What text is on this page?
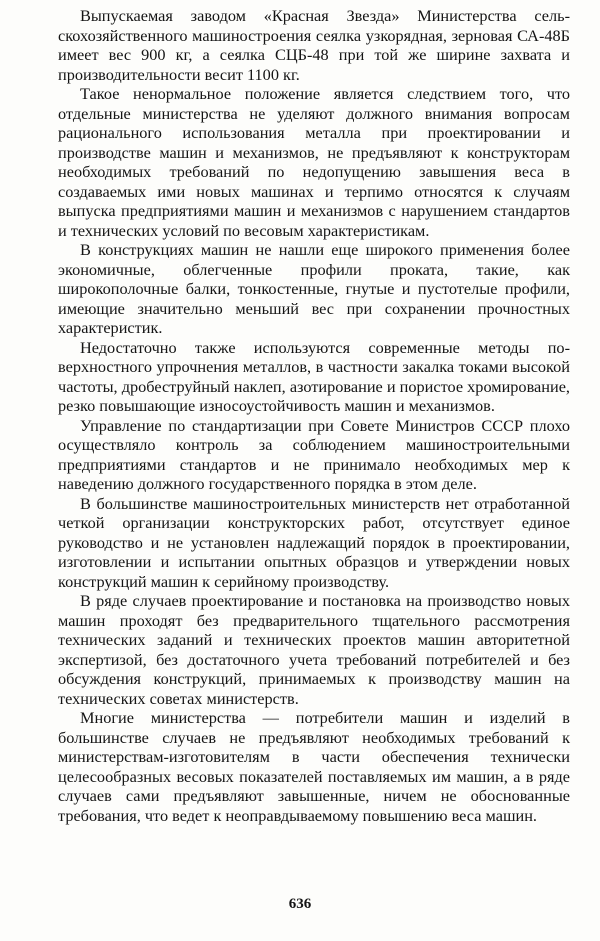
Выпускаемая заводом «Красная Звезда» Министерства сельскохозяйственного машиностроения сеялка узкорядная, зерновая СА-48Б имеет вес 900 кг, а сеялка СЦБ-48 при той же ширине захвата и производительности весит 1100 кг.

Такое ненормальное положение является следствием того, что отдельные министерства не уделяют должного внимания вопросам рационального использования металла при проектировании и производстве машин и механизмов, не предъявляют к конструкторам необходимых требований по недопущению завышения веса в создаваемых ими новых машинах и терпимо относятся к случаям выпуска предприятиями машин и механизмов с нарушением стандартов и технических условий по весовым характеристикам.

В конструкциях машин не нашли еще широкого применения более экономичные, облегченные профили проката, такие, как широкополочные балки, тонкостенные, гнутые и пустотелые профили, имеющие значительно меньший вес при сохранении прочностных характеристик.

Недостаточно также используются современные методы поверхностного упрочнения металлов, в частности закалка токами высокой частоты, дробеструйный наклеп, азотирование и пористое хромирование, резко повышающие износоустойчивость машин и механизмов.

Управление по стандартизации при Совете Министров СССР плохо осуществляло контроль за соблюдением машиностроительными предприятиями стандартов и не принимало необходимых мер к наведению должного государственного порядка в этом деле.

В большинстве машиностроительных министерств нет отработанной четкой организации конструкторских работ, отсутствует единое руководство и не установлен надлежащий порядок в проектировании, изготовлении и испытании опытных образцов и утверждении новых конструкций машин к серийному производству.

В ряде случаев проектирование и постановка на производство новых машин проходят без предварительного тщательного рассмотрения технических заданий и технических проектов машин авторитетной экспертизой, без достаточного учета требований потребителей и без обсуждения конструкций, принимаемых к производству машин на технических советах министерств.

Многие министерства — потребители машин и изделий в большинстве случаев не предъявляют необходимых требований к министерствам-изготовителям в части обеспечения технически целесообразных весовых показателей поставляемых им машин, а в ряде случаев сами предъявляют завышенные, ничем не обоснованные требования, что ведет к неоправдываемому повышению веса машин.

636
